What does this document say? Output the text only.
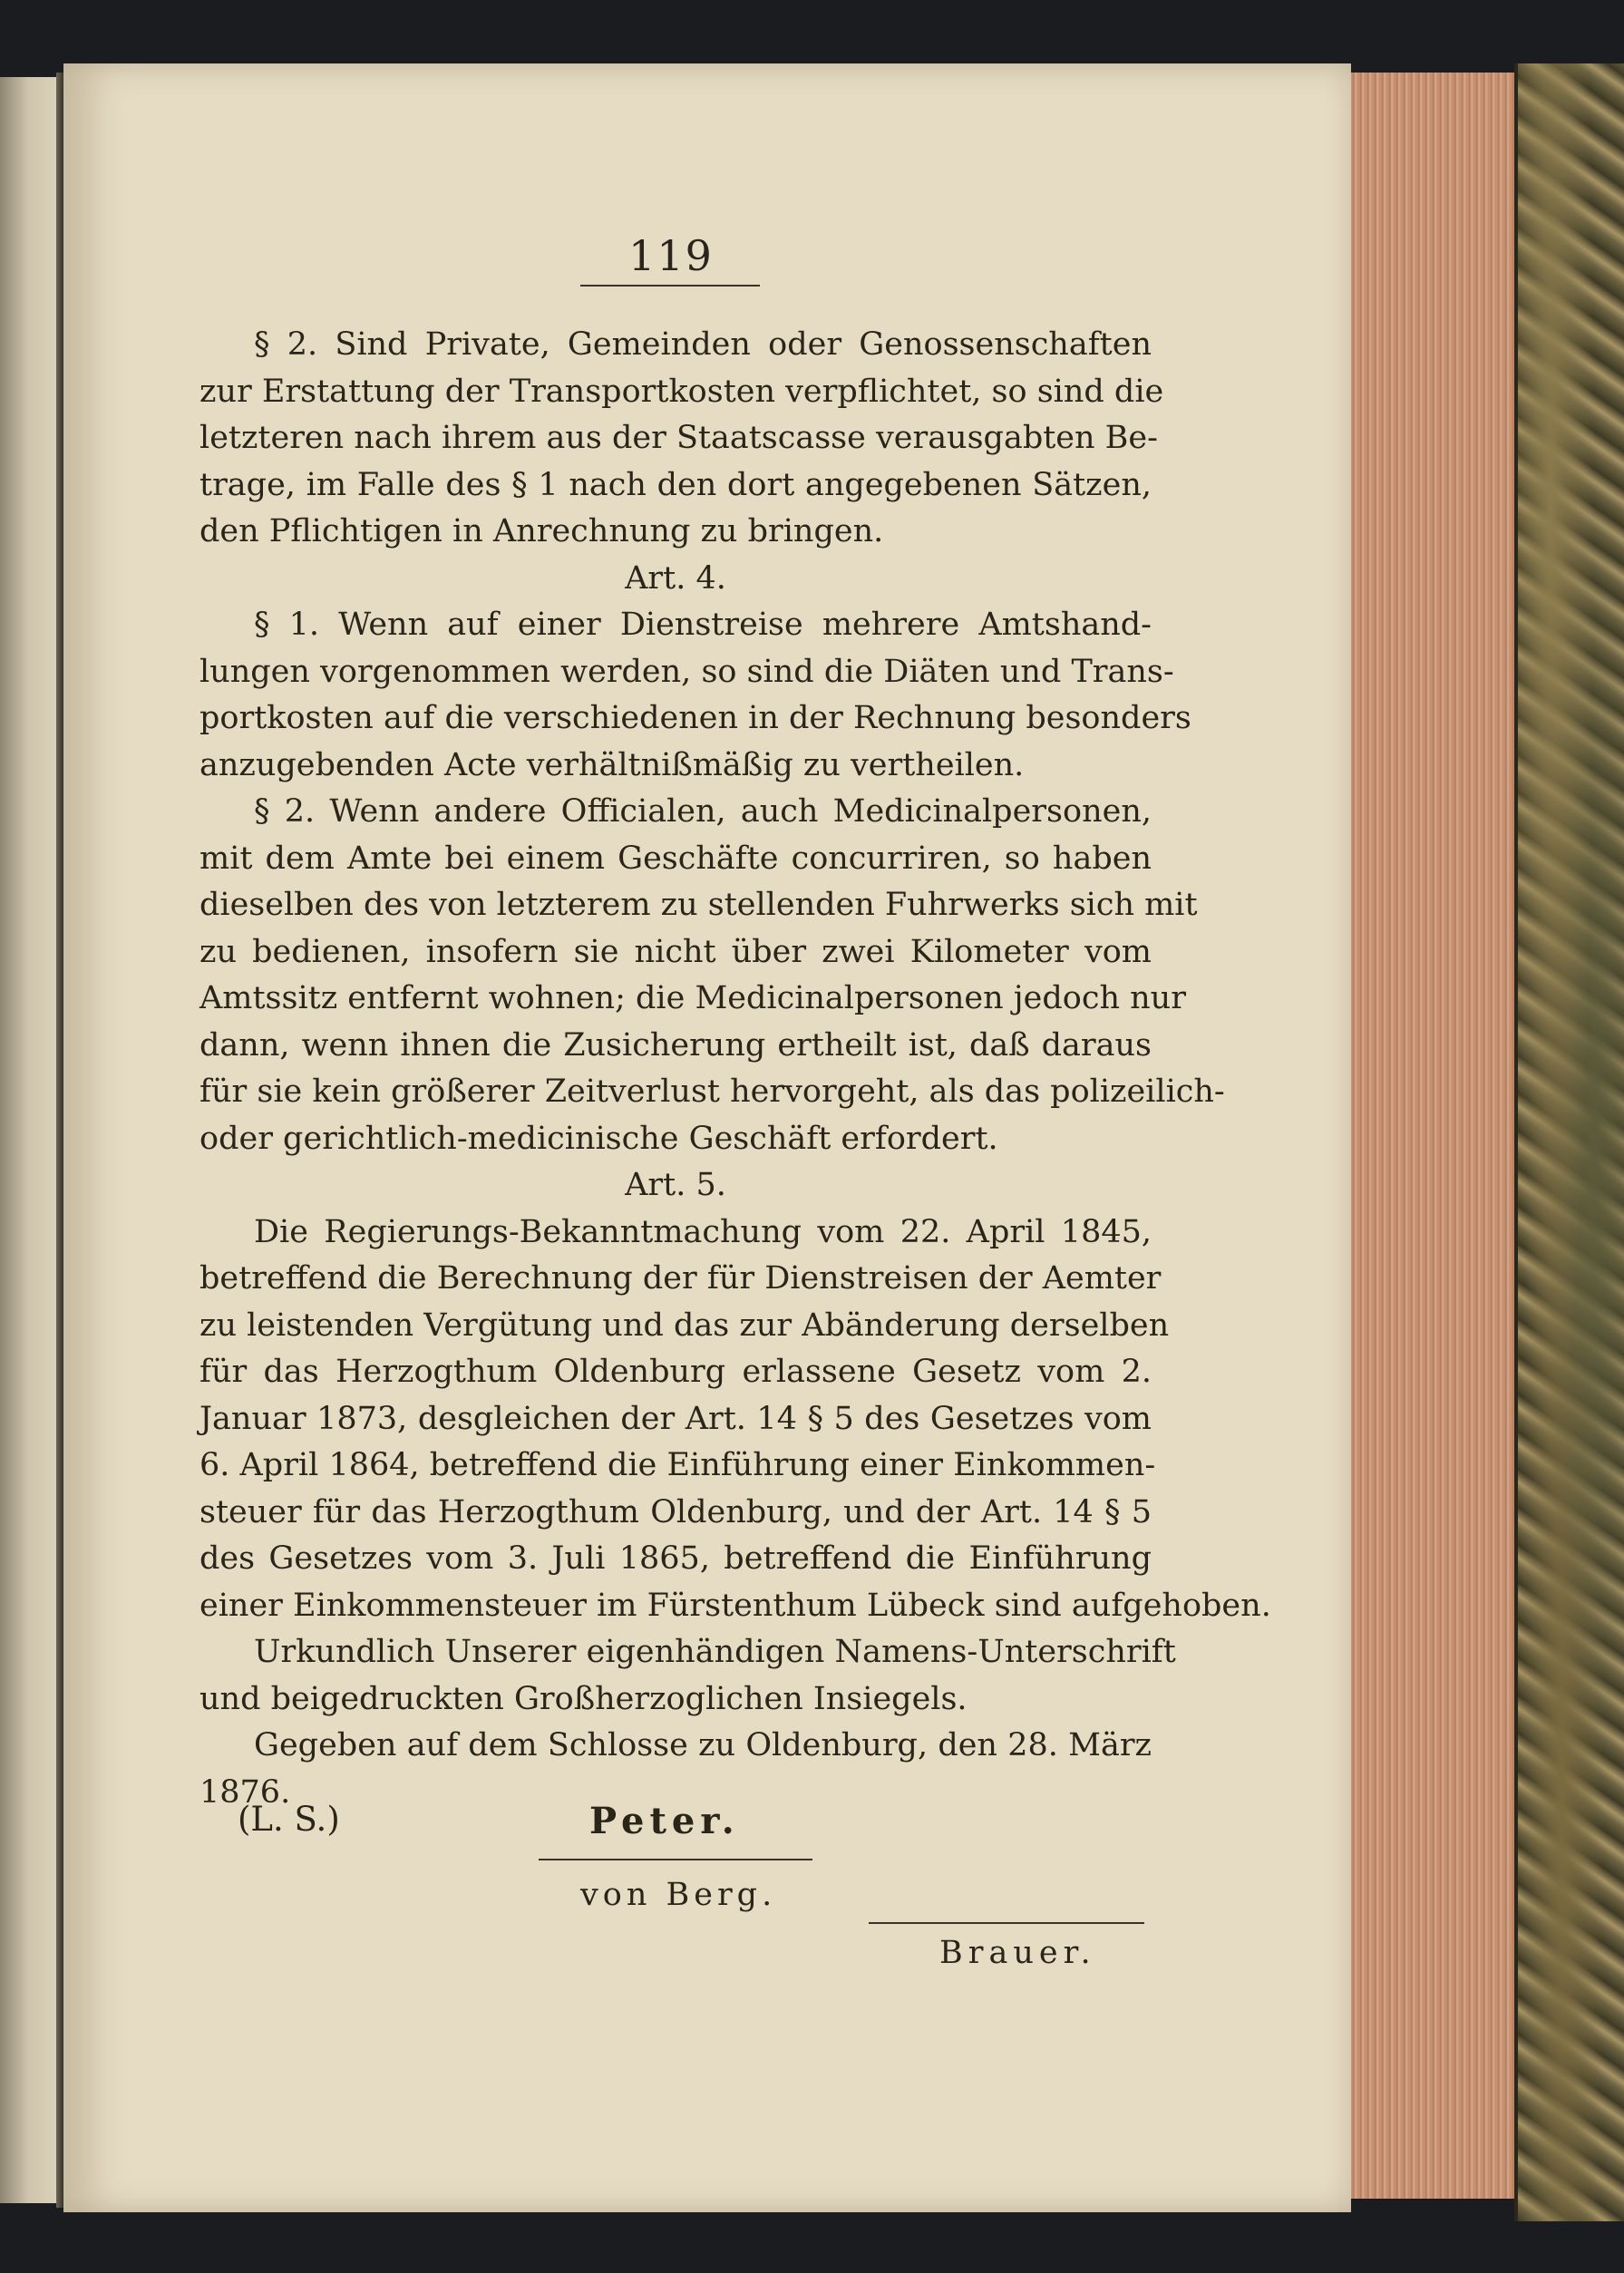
119
§ 2. Sind Private, Gemeinden oder Genossenschaften
zur Erstattung der Transportkosten verpflichtet, so sind die
letzteren nach ihrem aus der Staatscasse verausgabten Be-
trage, im Falle des § 1 nach den dort angegebenen Sätzen,
den Pflichtigen in Anrechnung zu bringen.
Art. 4.
§ 1. Wenn auf einer Dienstreise mehrere Amtshand-
lungen vorgenommen werden, so sind die Diäten und Trans-
portkosten auf die verschiedenen in der Rechnung besonders
anzugebenden Acte verhältnißmäßig zu vertheilen.
§ 2. Wenn andere Officialen, auch Medicinalpersonen,
mit dem Amte bei einem Geschäfte concurriren, so haben
dieselben des von letzterem zu stellenden Fuhrwerks sich mit
zu bedienen, insofern sie nicht über zwei Kilometer vom
Amtssitz entfernt wohnen; die Medicinalpersonen jedoch nur
dann, wenn ihnen die Zusicherung ertheilt ist, daß daraus
für sie kein größerer Zeitverlust hervorgeht, als das polizeilich-
oder gerichtlich-medicinische Geschäft erfordert.
Art. 5.
Die Regierungs-Bekanntmachung vom 22. April 1845,
betreffend die Berechnung der für Dienstreisen der Aemter
zu leistenden Vergütung und das zur Abänderung derselben
für das Herzogthum Oldenburg erlassene Gesetz vom 2.
Januar 1873, desgleichen der Art. 14 § 5 des Gesetzes vom
6. April 1864, betreffend die Einführung einer Einkommen-
steuer für das Herzogthum Oldenburg, und der Art. 14 § 5
des Gesetzes vom 3. Juli 1865, betreffend die Einführung
einer Einkommensteuer im Fürstenthum Lübeck sind aufgehoben.
Urkundlich Unserer eigenhändigen Namens-Unterschrift
und beigedruckten Großherzoglichen Insiegels.
Gegeben auf dem Schlosse zu Oldenburg, den 28. März
1876.
(L. S.)	Peter.
von Berg.
Brauer.
